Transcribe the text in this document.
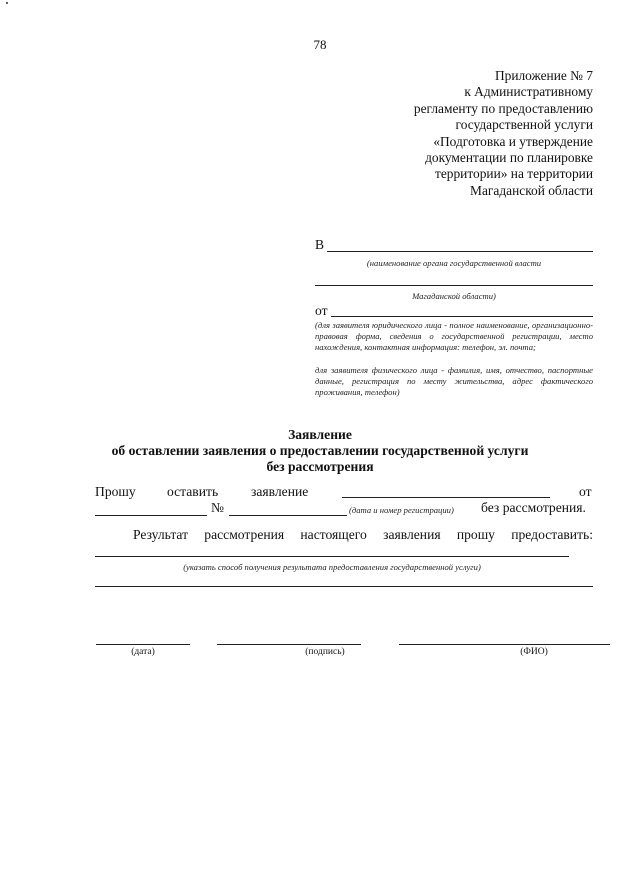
78
Приложение № 7
к Административному
регламенту по предоставлению
государственной услуги
«Подготовка и утверждение
документации по планировке
территории» на территории
Магаданской области
В
(наименование органа государственной власти
Магаданской области)
от
(для заявителя юридического лица - полное наименование, организационно-правовая форма, сведения о государственной регистрации, место нахождения, контактная информация: телефон, эл. почта;
для заявителя физического лица - фамилия, имя, отчество, паспортные данные, регистрация по месту жительства, адрес фактического проживания, телефон)
Заявление
об оставлении заявления о предоставлении государственной услуги
без рассмотрения
Прошу оставить заявление	от
№	(дата и номер регистрации) без рассмотрения.
Результат рассмотрения настоящего заявления прошу предоставить:
(указать способ получения результата предоставления государственной услуги)
(дата)	(подпись)	(ФИО)
